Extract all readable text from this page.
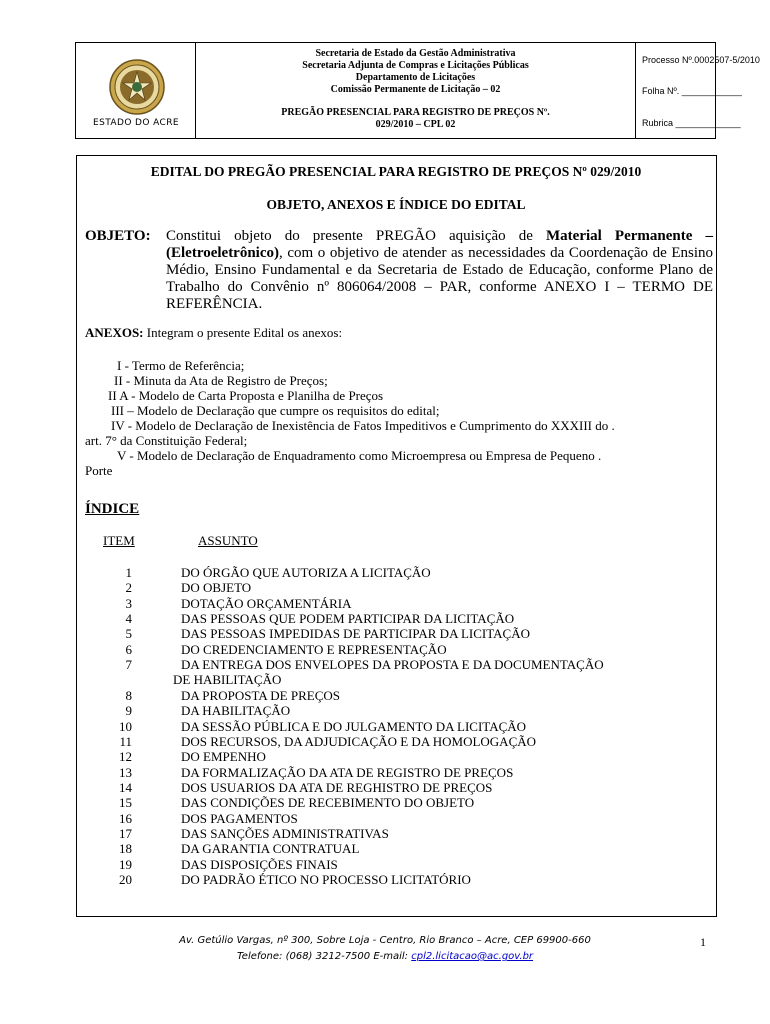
ESTADO DO ACRE
Secretaria de Estado da Gestão Administrativa
Secretaria Adjunta de Compras e Licitações Públicas
Departamento de Licitações
Comissão Permanente de Licitação – 02
PREGÃO PRESENCIAL PARA REGISTRO DE PREÇOS Nº.
029/2010 – CPL 02
Processo Nº.0002507-5/2010
Folha Nº. ____________
Rubrica _____________
EDITAL DO PREGÃO PRESENCIAL PARA REGISTRO DE PREÇOS Nº 029/2010
OBJETO, ANEXOS E ÍNDICE DO EDITAL
OBJETO: Constitui objeto do presente PREGÃO aquisição de Material Permanente – (Eletroeletrônico), com o objetivo de atender as necessidades da Coordenação de Ensino Médio, Ensino Fundamental e da Secretaria de Estado de Educação, conforme Plano de Trabalho do Convênio nº 806064/2008 – PAR, conforme ANEXO I – TERMO DE REFERÊNCIA.
ANEXOS: Integram o presente Edital os anexos:
I - Termo de Referência;
II - Minuta da Ata de Registro de Preços;
II A - Modelo de Carta Proposta e Planilha de Preços
III – Modelo de Declaração que cumpre os requisitos do edital;
IV - Modelo de Declaração de Inexistência de Fatos Impeditivos e Cumprimento do XXXIII do .
art. 7° da Constituição Federal;
V - Modelo de Declaração de Enquadramento como Microempresa ou Empresa de Pequeno .
Porte
ÍNDICE
ITEM	ASSUNTO
1	DO ÓRGÃO QUE AUTORIZA A LICITAÇÃO
2	DO OBJETO
3	DOTAÇÃO ORÇAMENTÁRIA
4	DAS PESSOAS QUE PODEM PARTICIPAR DA LICITAÇÃO
5	DAS PESSOAS IMPEDIDAS DE PARTICIPAR DA LICITAÇÃO
6	DO CREDENCIAMENTO E REPRESENTAÇÃO
7	DA ENTREGA DOS ENVELOPES DA PROPOSTA E DA DOCUMENTAÇÃO
DE HABILITAÇÃO
8	DA PROPOSTA DE PREÇOS
9	DA HABILITAÇÃO
10	DA SESSÃO PÚBLICA E DO JULGAMENTO DA LICITAÇÃO
11	DOS RECURSOS, DA ADJUDICAÇÃO E DA HOMOLOGAÇÃO
12	DO EMPENHO
13	DA FORMALIZAÇÃO DA ATA DE REGISTRO DE PREÇOS
14	DOS USUARIOS DA ATA DE REGHISTRO DE PREÇOS
15	DAS CONDIÇÕES DE RECEBIMENTO DO OBJETO
16	DOS PAGAMENTOS
17	DAS SANÇÕES ADMINISTRATIVAS
18	DA GARANTIA CONTRATUAL
19	DAS DISPOSIÇÕES FINAIS
20	DO PADRÃO ÉTICO NO PROCESSO LICITATÓRIO
Av. Getúlio Vargas, nº 300, Sobre Loja - Centro, Rio Branco – Acre, CEP 69900-660
Telefone: (068) 3212-7500 E-mail: cpl2.licitacao@ac.gov.br
1
